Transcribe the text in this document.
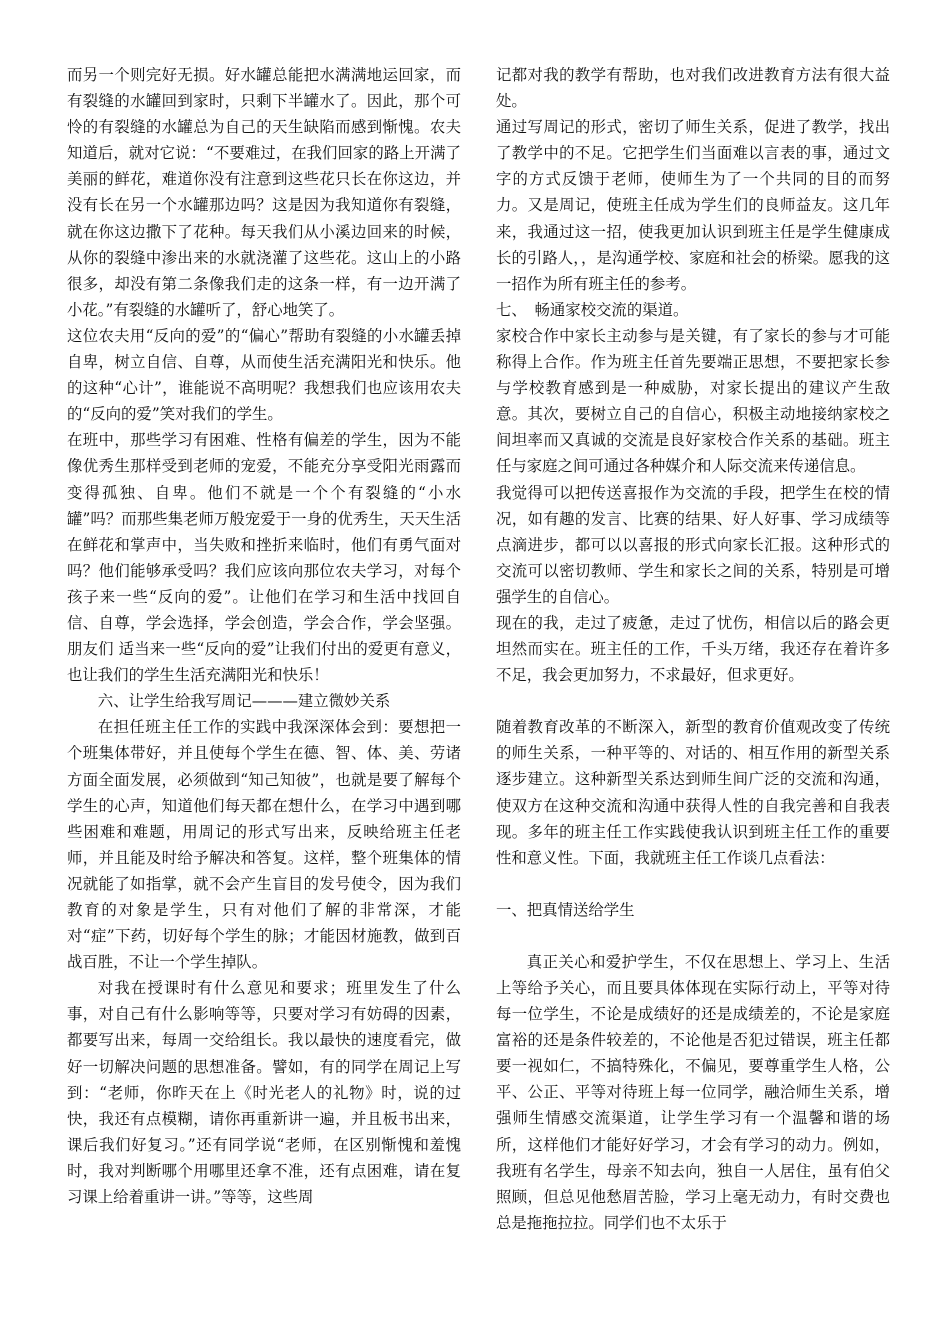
而另一个则完好无损。好水罐总能把水满满地运回家，而有裂缝的水罐回到家时，只剩下半罐水了。因此，那个可怜的有裂缝的水罐总为自己的天生缺陷而感到惭愧。农夫知道后，就对它说：“不要难过，在我们回家的路上开满了美丽的鲜花，难道你没有注意到这些花只长在你这边，并没有长在另一个水罐那边吗？这是因为我知道你有裂缝，就在你这边撒下了花种。每天我们从小溪边回来的时候，从你的裂缝中渗出来的水就浇灌了这些花。这山上的小路很多，却没有第二条像我们走的这条一样，有一边开满了小花。”有裂缝的水罐听了，舒心地笑了。

这位农夫用“反向的爱”的“偏心”帮助有裂缝的小水罐丢掉自卑，树立自信、自尊，从而使生活充满阳光和快乐。他的这种“心计”，谁能说不高明呢？我想我们也应该用农夫的“反向的爱”笑对我们的学生。

在班中，那些学习有困难、性格有偏差的学生，因为不能像优秀生那样受到老师的宠爱，不能充分享受阳光雨露而变得孤独、自卑。他们不就是一个个有裂缝的“小水罐”吗？而那些集老师万般宠爱于一身的优秀生，天天生活在鲜花和掌声中，当失败和挫折来临时，他们有勇气面对吗？他们能够承受吗？我们应该向那位农夫学习，对每个孩子来一些“反向的爱”。让他们在学习和生活中找回自信、自尊，学会选择，学会创造，学会合作，学会坚强。朋友们 适当来一些“反向的爱”让我们付出的爱更有意义，也让我们的学生生活充满阳光和快乐！

六、让学生给我写周记———建立微妙关系

在担任班主任工作的实践中我深深体会到：要想把一个班集体带好，并且使每个学生在德、智、体、美、劳诸方面全面发展，必须做到“知己知彼”，也就是要了解每个学生的心声，知道他们每天都在想什么，在学习中遇到哪些困难和难题，用周记的形式写出来，反映给班主任老师，并且能及时给予解决和答复。这样，整个班集体的情况就能了如指掌，就不会产生盲目的发号使令，因为我们教育的对象是学生，只有对他们了解的非常深，才能对“症”下药，切好每个学生的脉；才能因材施教，做到百战百胜，不让一个学生掉队。

对我在授课时有什么意见和要求；班里发生了什么事，对自己有什么影响等等，只要对学习有妨碍的因素，都要写出来，每周一交给组长。我以最快的速度看完，做好一切解决问题的思想准备。譬如，有的同学在周记上写到：“老师，你昨天在上《时光老人的礼物》时，说的过快，我还有点模糊，请你再重新讲一遍，并且板书出来，课后我们好复习。”还有同学说“老师，在区别惭愧和羞愧时，我对判断哪个用哪里还拿不准，还有点困难，请在复习课上给着重讲一讲。”等等，这些周

记都对我的教学有帮助，也对我们改进教育方法有很大益处。

通过写周记的形式，密切了师生关系，促进了教学，找出了教学中的不足。它把学生们当面难以言表的事，通过文字的方式反馈于老师，使师生为了一个共同的目的而努力。又是周记，使班主任成为学生们的良师益友。这几年来，我通过这一招，使我更加认识到班主任是学生健康成长的引路人，，是沟通学校、家庭和社会的桥梁。愿我的这一招作为所有班主任的参考。

七、　畅通家校交流的渠道。

家校合作中家长主动参与是关键，有了家长的参与才可能称得上合作。作为班主任首先要端正思想，不要把家长参与学校教育感到是一种威胁，对家长提出的建议产生敌意。其次，要树立自己的自信心，积极主动地接纳家校之间坦率而又真诚的交流是良好家校合作关系的基础。班主任与家庭之间可通过各种媒介和人际交流来传递信息。

我觉得可以把传送喜报作为交流的手段，把学生在校的情况，如有趣的发言、比赛的结果、好人好事、学习成绩等点滴进步，都可以以喜报的形式向家长汇报。这种形式的交流可以密切教师、学生和家长之间的关系，特别是可增强学生的自信心。

现在的我，走过了疲惫，走过了忧伤，相信以后的路会更坦然而实在。班主任的工作，千头万绪，我还存在着许多不足，我会更加努力，不求最好，但求更好。

随着教育改革的不断深入，新型的教育价值观改变了传统的师生关系，一种平等的、对话的、相互作用的新型关系逐步建立。这种新型关系达到师生间广泛的交流和沟通，使双方在这种交流和沟通中获得人性的自我完善和自我表现。多年的班主任工作实践使我认识到班主任工作的重要性和意义性。下面，我就班主任工作谈几点看法：

一、把真情送给学生

真正关心和爱护学生，不仅在思想上、学习上、生活上等给予关心，而且要具体体现在实际行动上，平等对待每一位学生，不论是成绩好的还是成绩差的，不论是家庭富裕的还是条件较差的，不论他是否犯过错误，班主任都要一视如仁，不搞特殊化，不偏见，要尊重学生人格，公平、公正、平等对待班上每一位同学，融洽师生关系，增强师生情感交流渠道，让学生学习有一个温馨和谐的场所，这样他们才能好好学习，才会有学习的动力。例如，我班有名学生，母亲不知去向，独自一人居住，虽有伯父照顾，但总见他愁眉苦脸，学习上毫无动力，有时交费也总是拖拖拉拉。同学们也不太乐于
